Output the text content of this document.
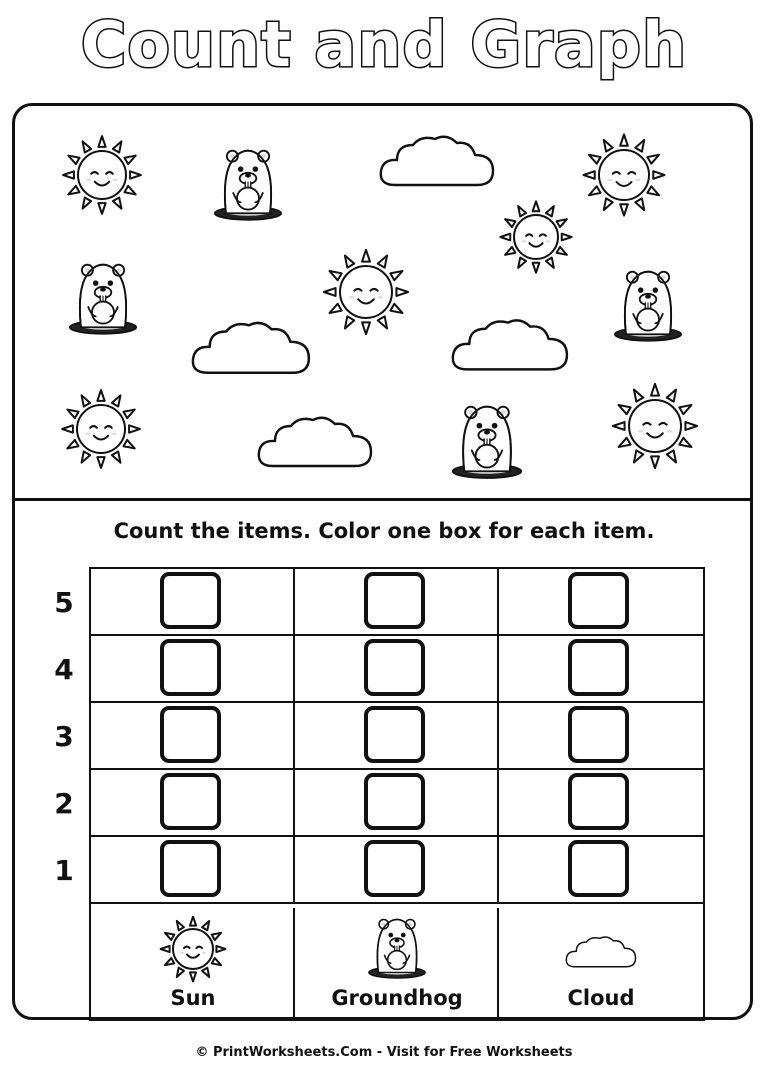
Count and Graph
Count the items. Color one box for each item.
Sun	Groundhog	Cloud
5
4
3
2
1
© PrintWorksheets.Com - Visit for Free Worksheets
